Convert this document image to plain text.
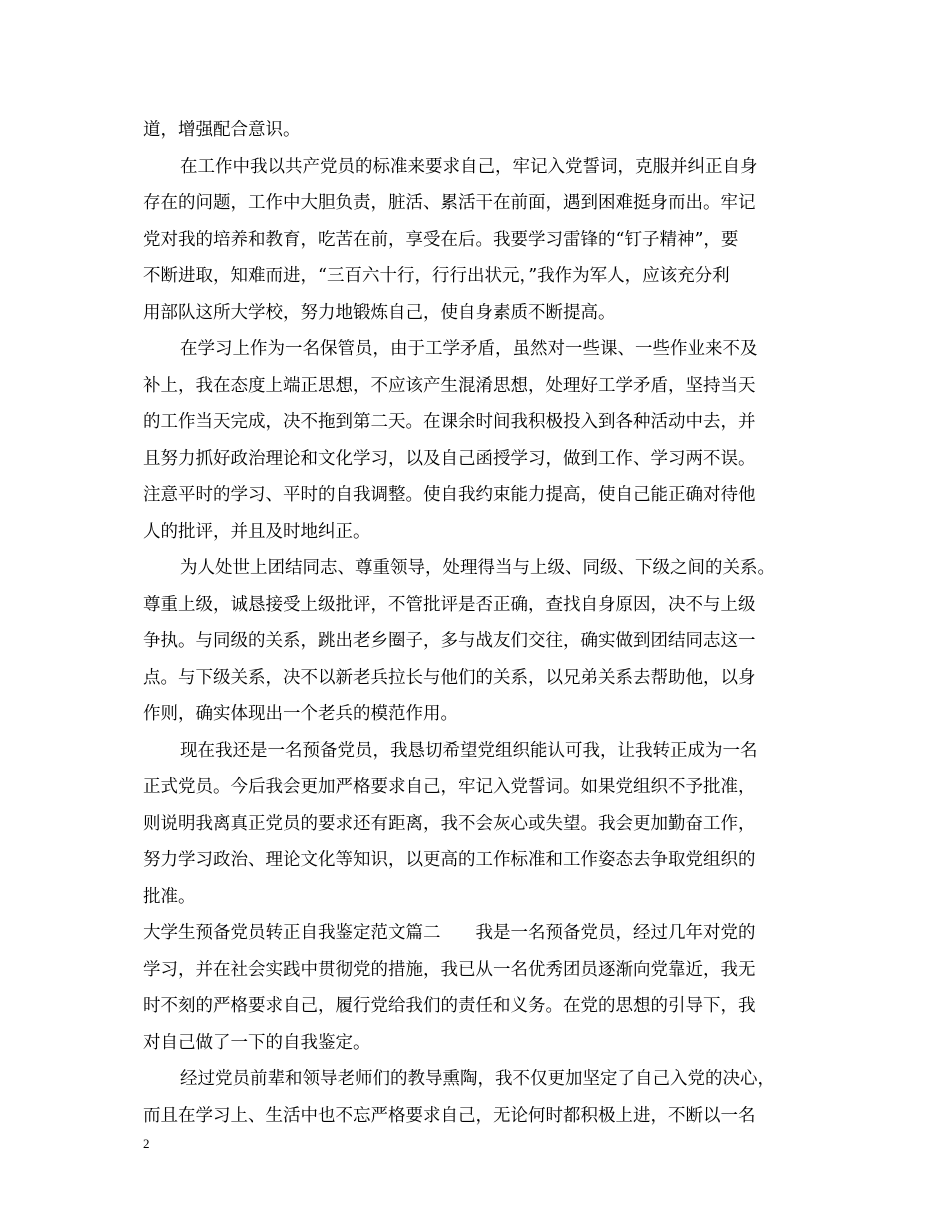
道，增强配合意识。
在工作中我以共产党员的标准来要求自己，牢记入党誓词，克服并纠正自身
存在的问题，工作中大胆负责，脏活、累活干在前面，遇到困难挺身而出。牢记
党对我的培养和教育，吃苦在前，享受在后。我要学习雷锋的“钉子精神”，要
不断进取，知难而进，“三百六十行，行行出状元，”我作为军人，应该充分利
用部队这所大学校，努力地锻炼自己，使自身素质不断提高。
在学习上作为一名保管员，由于工学矛盾，虽然对一些课、一些作业来不及
补上，我在态度上端正思想，不应该产生混淆思想，处理好工学矛盾，坚持当天
的工作当天完成，决不拖到第二天。在课余时间我积极投入到各种活动中去，并
且努力抓好政治理论和文化学习，以及自己函授学习，做到工作、学习两不误。
注意平时的学习、平时的自我调整。使自我约束能力提高，使自己能正确对待他
人的批评，并且及时地纠正。
为人处世上团结同志、尊重领导，处理得当与上级、同级、下级之间的关系。
尊重上级，诚恳接受上级批评，不管批评是否正确，查找自身原因，决不与上级
争执。与同级的关系，跳出老乡圈子，多与战友们交往，确实做到团结同志这一
点。与下级关系，决不以新老兵拉长与他们的关系，以兄弟关系去帮助他，以身
作则，确实体现出一个老兵的模范作用。
现在我还是一名预备党员，我恳切希望党组织能认可我，让我转正成为一名
正式党员。今后我会更加严格要求自己，牢记入党誓词。如果党组织不予批准，
则说明我离真正党员的要求还有距离，我不会灰心或失望。我会更加勤奋工作，
努力学习政治、理论文化等知识，以更高的工作标准和工作姿态去争取党组织的
批准。
大学生预备党员转正自我鉴定范文篇二　　我是一名预备党员，经过几年对党的
学习，并在社会实践中贯彻党的措施，我已从一名优秀团员逐渐向党靠近，我无
时不刻的严格要求自己，履行党给我们的责任和义务。在党的思想的引导下，我
对自己做了一下的自我鉴定。
经过党员前辈和领导老师们的教导熏陶，我不仅更加坚定了自己入党的决心，
而且在学习上、生活中也不忘严格要求自己，无论何时都积极上进，不断以一名
2
